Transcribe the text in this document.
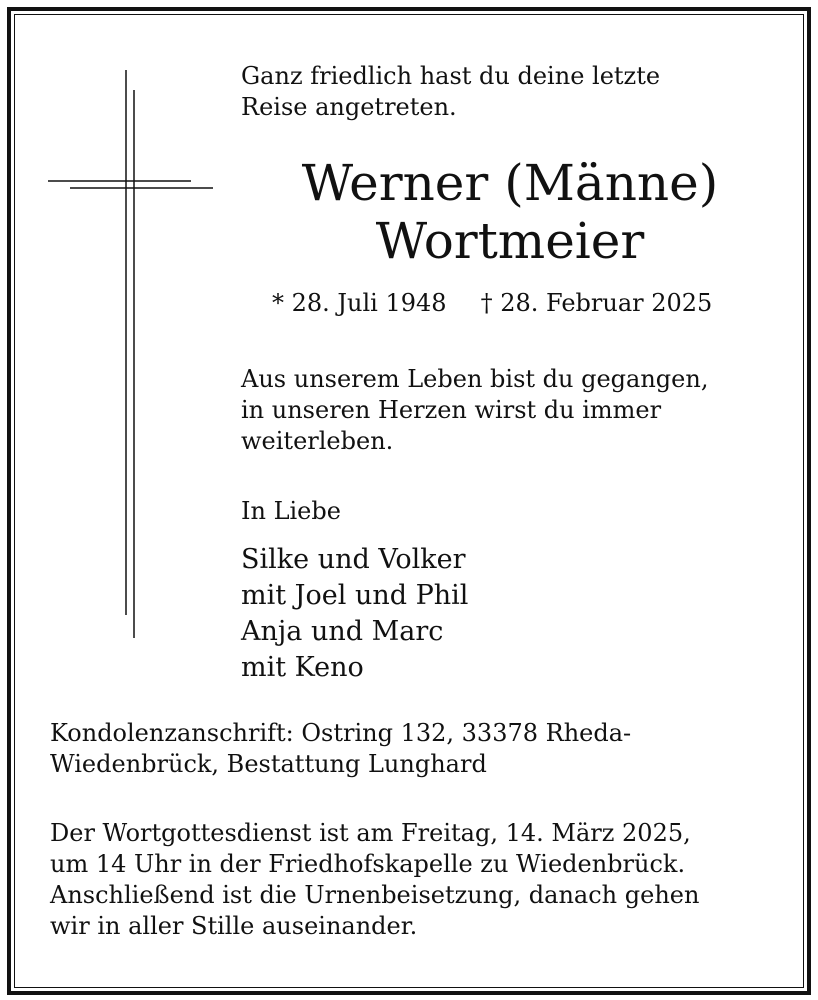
Ganz friedlich hast du deine letzte
Reise angetreten.

Werner (Männe)
Wortmeier
* 28. Juli 1948 † 28. Februar 2025

Aus unserem Leben bist du gegangen,
in unseren Herzen wirst du immer
weiterleben.

In Liebe

Silke und Volker
mit Joel und Phil
Anja und Marc
mit Keno

Kondolenzanschrift: Ostring 132, 33378 Rheda-
Wiedenbrück, Bestattung Lunghard

Der Wortgottesdienst ist am Freitag, 14. März 2025,
um 14 Uhr in der Friedhofskapelle zu Wiedenbrück.
Anschließend ist die Urnenbeisetzung, danach gehen
wir in aller Stille auseinander.
